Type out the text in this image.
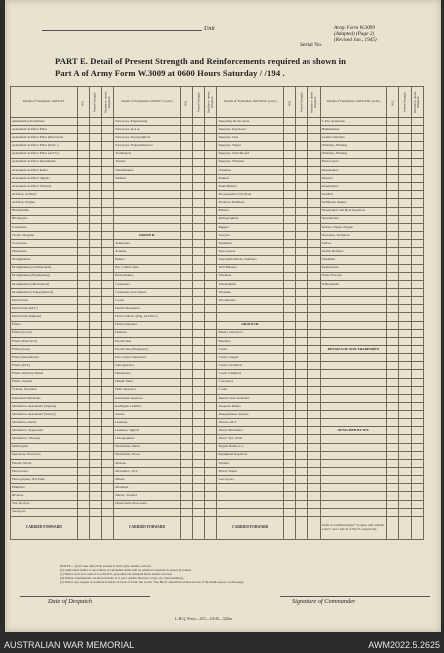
Unit	Army Form W.3009
(Adapted) (Page 2)
(Revised Jan., 1945)
Serial No.
PART E. Detail of Present Strength and Reinforcements required as shown in
Part A of Army Form W.3009 at 0600 Hours Saturday / /194 .
Details of Tradesmen. GROUP I.	W.E.	Posted Strength	Reinforce- ments Required	Details of Tradesmen. GROUP I. (cont.)	W.E.	Posted Strength	Reinforce- ments Required	Details of Tradesmen. GROUP II. (cont.)	W.E.	Posted Strength	Reinforce- ments Required	Details of Tradesmen. GROUP III. (cont.)	W.E.	Posted Strength	Reinforce- ments Required
Ammunition Examiners				Surveyors, Engineering				Operating Room Assts.				C.P.O. Assistants			
Armament Artificer Fitter				Surveyors, R.A.A.				Operator, Keyboard				Hammermen			
Armament Artificer Fitter (Electrical)				Surveyors, Topographical				Operator, Line				Leather Stitchers			
Armament Artificer Fitter (R.P.C.)				Surveyors, Trigonometrical				Operator, Signal				Orderlies, Nursing			
Armament Artificer Fitter (A.F.V.)				Toolmakers				Operator, Switchboard				Orderlies, Nursing			
Armament Artificer Instruments				Turners				Operator, Wireless				Plate Layers			
Armament Artificer Radio				Watchmakers				Orderlies				Rangetakers			
Armament Artificer Signals				Welders				Painters				Riveters			
Armament Artificer Wireless								Panel Beaters				Roughriders			
Artificer, Artillery								Photographer, Dry Plate				Saddlers			
Artificer, Engine								Predictor Numbers				Saddletree makers			
Blacksmiths								Printers				Shoemakers and Boot Repairers			
Bricklayers								Radiographers				Storeholders			
Carpenters								Riggers				Stokers, Equip. Engine			
Clerks, Hospital				GROUP II.				Sawyers				Storeman, Technical			
Concretors				Armourers				Signallers				Tailors			
Dispensers				Artisans				Sign-writers				Textile Refiners			
Draughtsmen				Bakers				Telecomm Mechs. Numbers				Tinsmiths			
Draughtsmen (Architectural)				Bty. Comd's Asst.				Wall Banners				Upholsterers			
Draughtsmen (Engineering)				Boilermakers				Wheelers				Waste Erectors			
Draughtsmen (Mechanical)				Carpenters				Wheelsmiths				Whitesmiths			
Draughtsmen (Topographical)				Carpenters and Joiners				Wiremen							
Electricians				Cooks				Woodturners							
Electricians (M.T.)				Dental Mechanics											
Electricians (Signals)				Drivers Mech. (Eng. and Mov.)											
Fitters				Driver-Operator				GROUP III.							
Fitters (Cycle)				Drainers				Bakery Surveyors							
Fitters (Electrical)				Electricians				Butchers							
Fitters (Gun)				Electricians (Engineers)				Clerks				DETAILS OF NON-TRADESMEN			
Fitters (Instrument)				Fire Control Operators				Clerks, Supply							
Fitters (M.T.)				Gun Operator				Clerks, Technical							
Fitters, Railway Diesel				Hairdresser				Coach Trimmers							
Fitters, Signals				Height Taker				Concreters							
Grinder, Precision				Hollo Operator				Cooks							
Instrument Mechanic				Instrument Operator				Dental Clerk Orderlies							
Mechanics, Instrument (Signals)				Intelligence Duties				Despatch Riders							
Mechanics, Instrument (Survey)				Joiners				Draughtsmen, Signals							
Mechanics, Radio				Linemen				Drivers, M.T.							
Mechanics, Typewriter				Linemen, Signals				Driver Mechanics				ATTACHED BY W.E.			
Mechanics, Wireless				Lithographers				Driver Tpt., Plant							
Millwrights				Machinists, Metal				Engine Hands, I.C.							
Operators, Excavator				Machinists, Wood				Equipment Repairers							
Painter, Motor				Masons				Farriers							
Photowriter				Mechanics, M.T.				Fitters' Mates							
Photographer, Wet Plate				Miners				Gas Layers							
Plumbers				Moulders											
Riveters				Nurses, Trained											
Saw Doctors				Observation Post Assts.											
Surveyors															
CARRIED FORWARD				CARRIED FORWARD				CARRIED FORWARD				Totals of columns marked * to agree with columns 4 and 7, and 1 and 16 of Part E, respectively.			
NOTES.—(a) If rank other than private is borne give details on back.
(b) Authorised trades or specialists not included in list will be added as required in spaces provided.
(c) Where A.W.A.S. and/or A.A.M.W.S. personnel are attached show details on back.
(d) Where requirements are shown under G.S. give details, Branch, Corps, etc. (See heading).
(e) Where any request or notation is made on back of form, the words "See Back" should be written in one of the blank spaces on this page.
Date of Despatch	Signature of Commander
L.H.Q. Press—415—10/45—326m.
AUSTRALIAN WAR MEMORIAL	AWM2022.5.2625
